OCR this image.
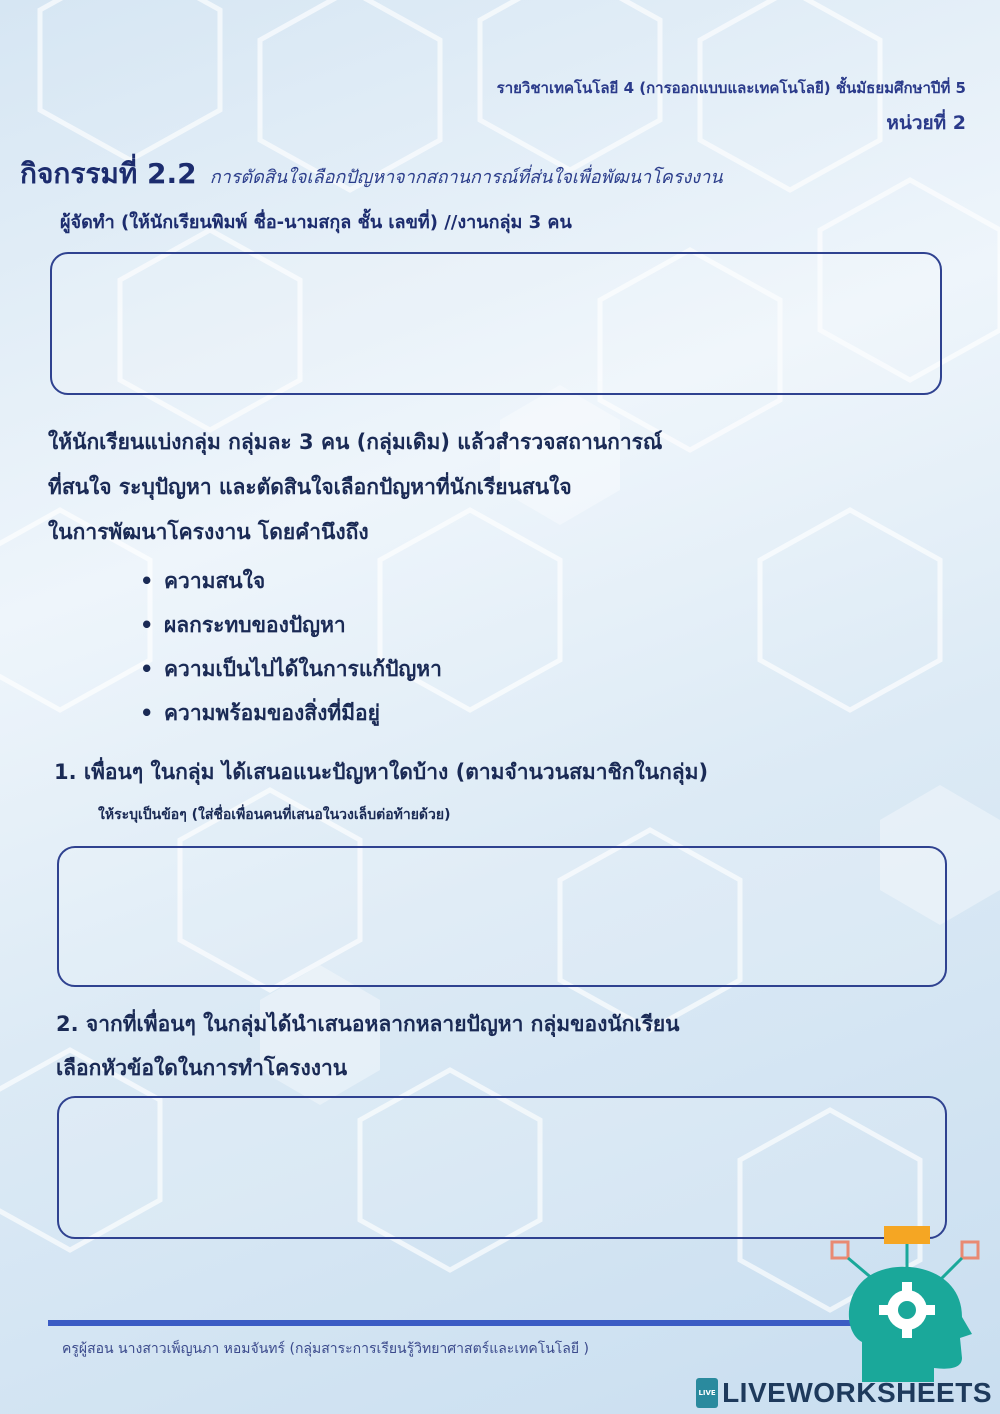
รายวิชาเทคโนโลยี 4 (การออกแบบและเทคโนโลยี) ชั้นมัธยมศึกษาปีที่ 5
หน่วยที่ 2
กิจกรรมที่ 2.2 การตัดสินใจเลือกปัญหาจากสถานการณ์ที่ส่นใจเพื่อพัฒนาโครงงาน
ผู้จัดทำ (ให้นักเรียนพิมพ์ ชื่อ-นามสกุล ชั้น เลขที่) //งานกลุ่ม 3 คน
ให้นักเรียนแบ่งกลุ่ม กลุ่มละ 3 คน (กลุ่มเดิม) แล้วสำรวจสถานการณ์
ที่สนใจ ระบุปัญหา และตัดสินใจเลือกปัญหาที่นักเรียนสนใจ
ในการพัฒนาโครงงาน โดยคำนึงถึง
• ความสนใจ
• ผลกระทบของปัญหา
• ความเป็นไปได้ในการแก้ปัญหา
• ความพร้อมของสิ่งที่มีอยู่
1. เพื่อนๆ ในกลุ่ม ได้เสนอแนะปัญหาใดบ้าง (ตามจำนวนสมาชิกในกลุ่ม)
ให้ระบุเป็นข้อๆ (ใส่ชื่อเพื่อนคนที่เสนอในวงเล็บต่อท้ายด้วย)
2. จากที่เพื่อนๆ ในกลุ่มได้นำเสนอหลากหลายปัญหา กลุ่มของนักเรียน
เลือกหัวข้อใดในการทำโครงงาน
ครูผู้สอน นางสาวเพ็ญนภา หอมจันทร์ (กลุ่มสาระการเรียนรู้วิทยาศาสตร์และเทคโนโลยี )
LIVE LIVEWORKSHEETS
